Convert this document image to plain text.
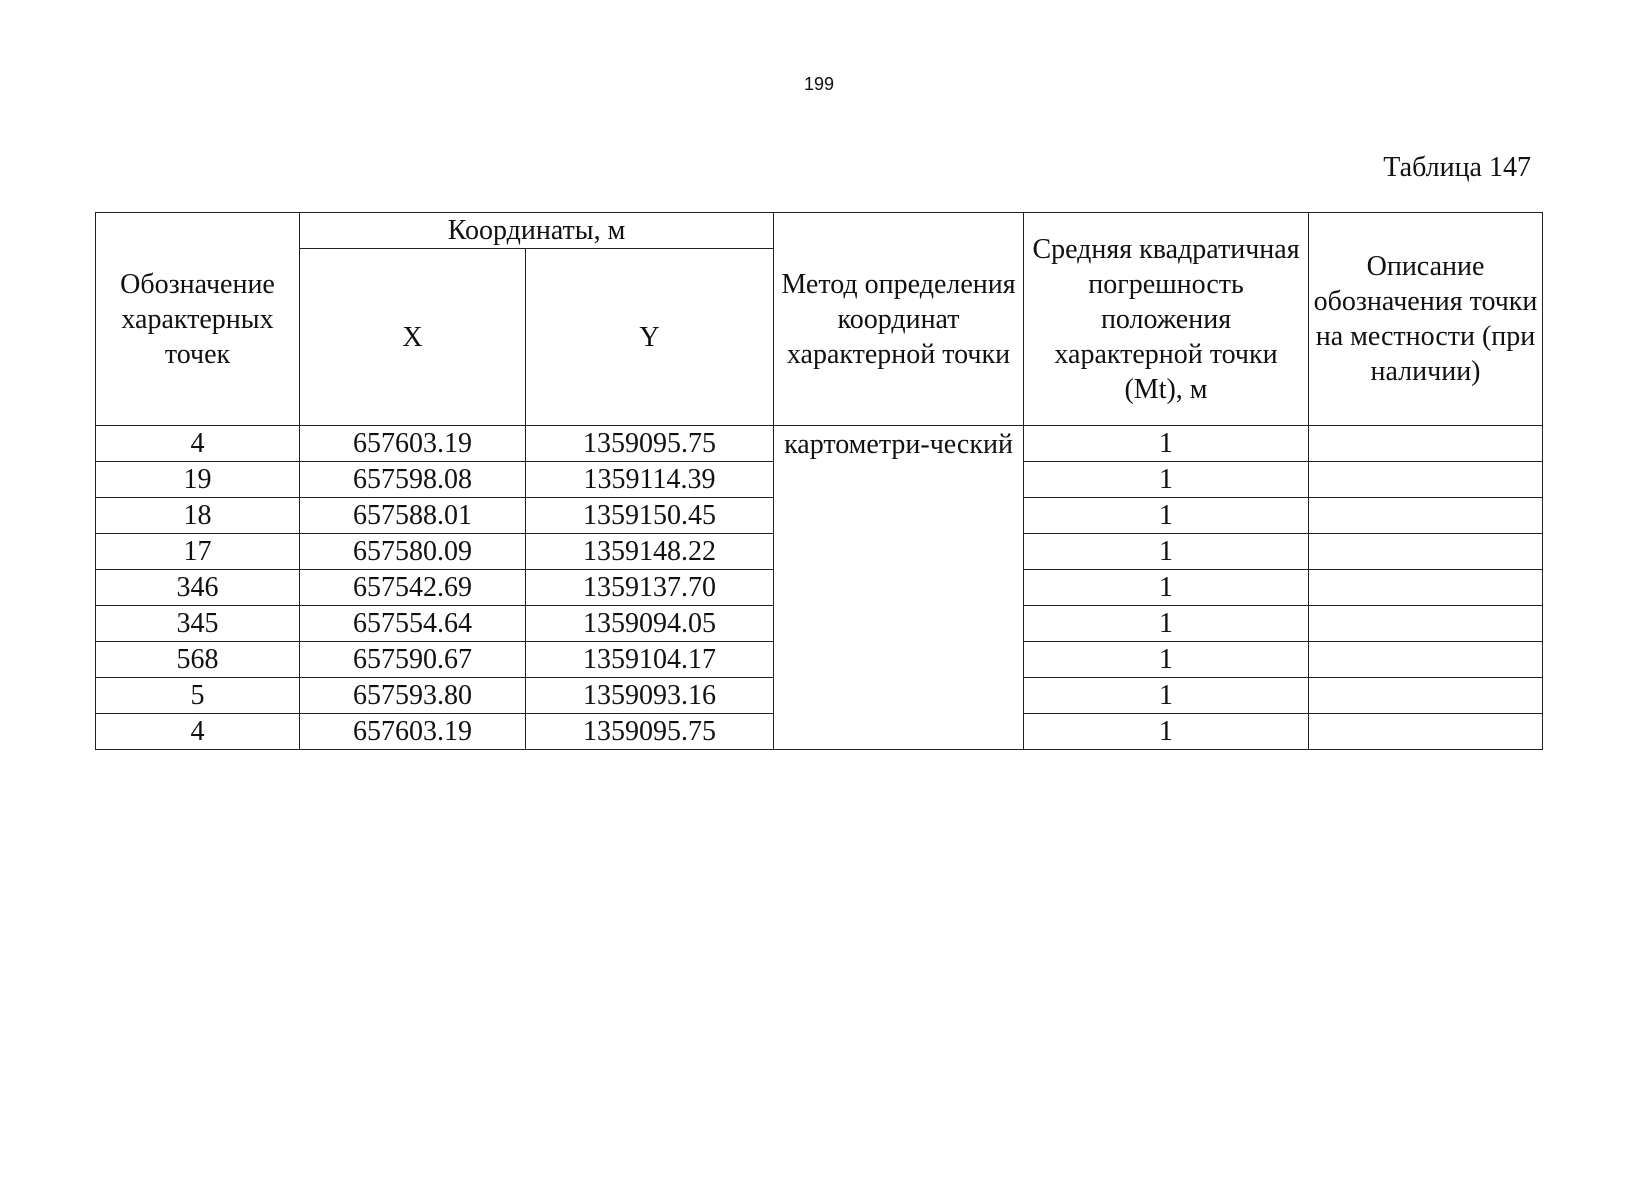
199
Таблица 147
Обозначение характерных точек	Координаты, м		Метод определения координат характерной точки	Средняя квадратичная погрешность положения характерной точки (Mt), м	Описание обозначения точки на местности (при наличии)
	X	Y			
4	657603.19	1359095.75	картометри-ческий	1	
19	657598.08	1359114.39		1	
18	657588.01	1359150.45		1	
17	657580.09	1359148.22		1	
346	657542.69	1359137.70		1	
345	657554.64	1359094.05		1	
568	657590.67	1359104.17		1	
5	657593.80	1359093.16		1	
4	657603.19	1359095.75		1	
